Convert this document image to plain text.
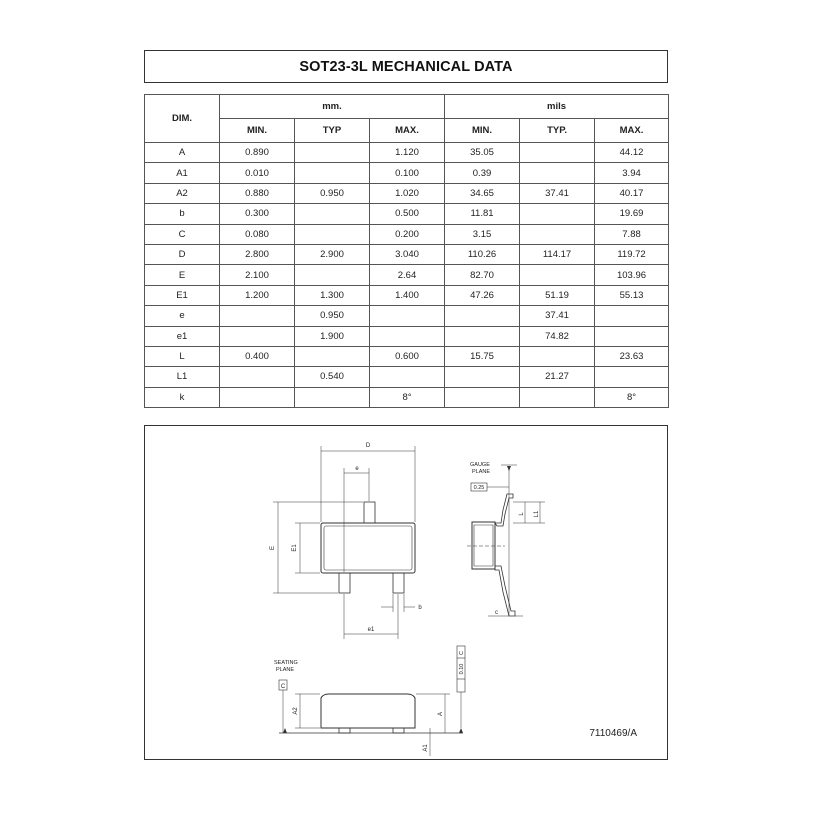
SOT23-3L MECHANICAL DATA
DIM.	mm.			mils		
	MIN.	TYP	MAX.	MIN.	TYP.	MAX.
A	0.890		1.120	35.05		44.12
A1	0.010		0.100	0.39		3.94
A2	0.880	0.950	1.020	34.65	37.41	40.17
b	0.300		0.500	11.81		19.69
C	0.080		0.200	3.15		7.88
D	2.800	2.900	3.040	110.26	114.17	119.72
E	2.100		2.64	82.70		103.96
E1	1.200	1.300	1.400	47.26	51.19	55.13
e		0.950			37.41	
e1		1.900			74.82	
L	0.400		0.600	15.75		23.63
L1		0.540			21.27	
k			8°			8°
D
e
E	E1
b
e1
GAUGE
PLANE
0.25
L L1
c
SEATING
PLANE
C
A2	A
A1
0.10
C
7110469/A
